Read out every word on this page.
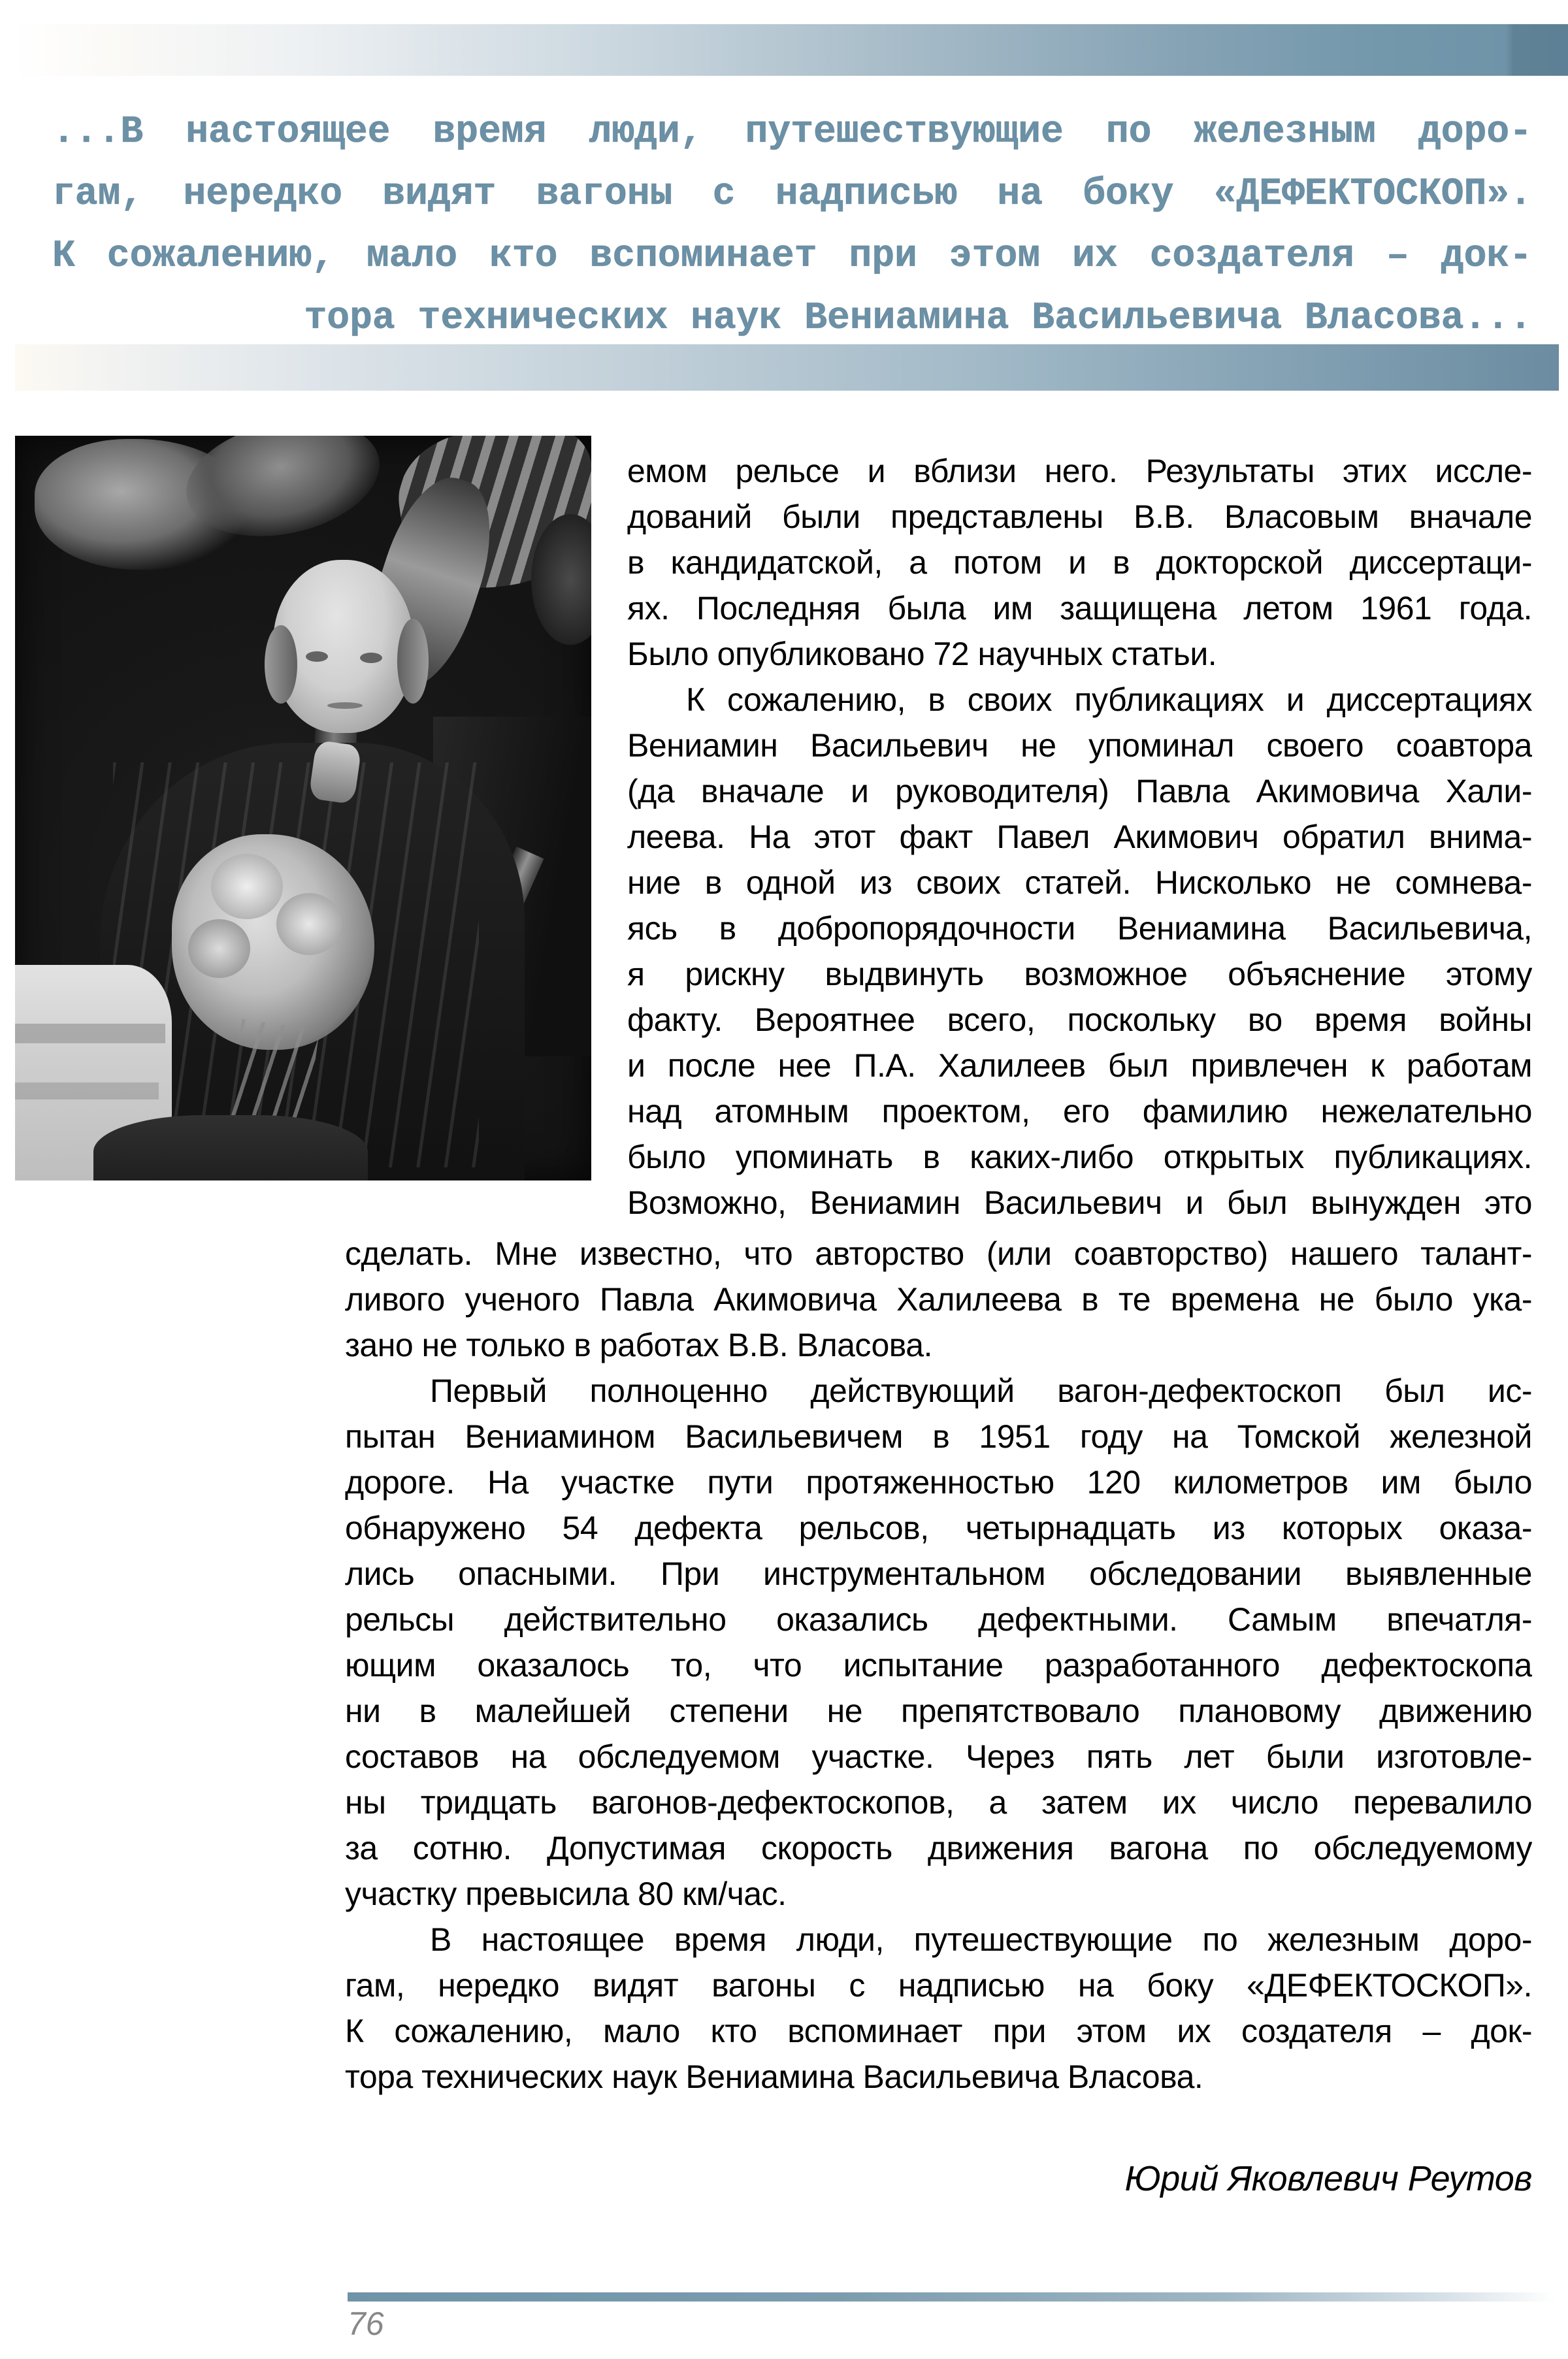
...В настоящее время люди, путешествующие по железным доро-
гам, нередко видят вагоны с надписью на боку «ДЕФЕКТОСКОП».
К сожалению, мало кто вспоминает при этом их создателя – док-
тора технических наук Вениамина Васильевича Власова...
емом рельсе и вблизи него. Результаты этих иссле-
дований были представлены В.В. Власовым вначале
в кандидатской, а потом и в докторской диссертаци-
ях. Последняя была им защищена летом 1961 года.
Было опубликовано 72 научных статьи.
К сожалению, в своих публикациях и диссертациях
Вениамин Васильевич не упоминал своего соавтора
(да вначале и руководителя) Павла Акимовича Хали-
леева. На этот факт Павел Акимович обратил внима-
ние в одной из своих статей. Нисколько не сомнева-
ясь в добропорядочности Вениамина Васильевича,
я рискну выдвинуть возможное объяснение этому
факту. Вероятнее всего, поскольку во время войны
и после нее П.А. Халилеев был привлечен к работам
над атомным проектом, его фамилию нежелательно
было упоминать в каких-либо открытых публикациях.
Возможно, Вениамин Васильевич и был вынужден это
сделать. Мне известно, что авторство (или соавторство) нашего талант-
ливого ученого Павла Акимовича Халилеева в те времена не было ука-
зано не только в работах В.В. Власова.
Первый полноценно действующий вагон-дефектоскоп был ис-
пытан Вениамином Васильевичем в 1951 году на Томской железной
дороге. На участке пути протяженностью 120 километров им было
обнаружено 54 дефекта рельсов, четырнадцать из которых оказа-
лись опасными. При инструментальном обследовании выявленные
рельсы действительно оказались дефектными. Самым впечатля-
ющим оказалось то, что испытание разработанного дефектоскопа
ни в малейшей степени не препятствовало плановому движению
составов на обследуемом участке. Через пять лет были изготовле-
ны тридцать вагонов-дефектоскопов, а затем их число перевалило
за сотню. Допустимая скорость движения вагона по обследуемому
участку превысила 80 км/час.
В настоящее время люди, путешествующие по железным доро-
гам, нередко видят вагоны с надписью на боку «ДЕФЕКТОСКОП».
К сожалению, мало кто вспоминает при этом их создателя – док-
тора технических наук Вениамина Васильевича Власова.
Юрий Яковлевич Реутов
76
